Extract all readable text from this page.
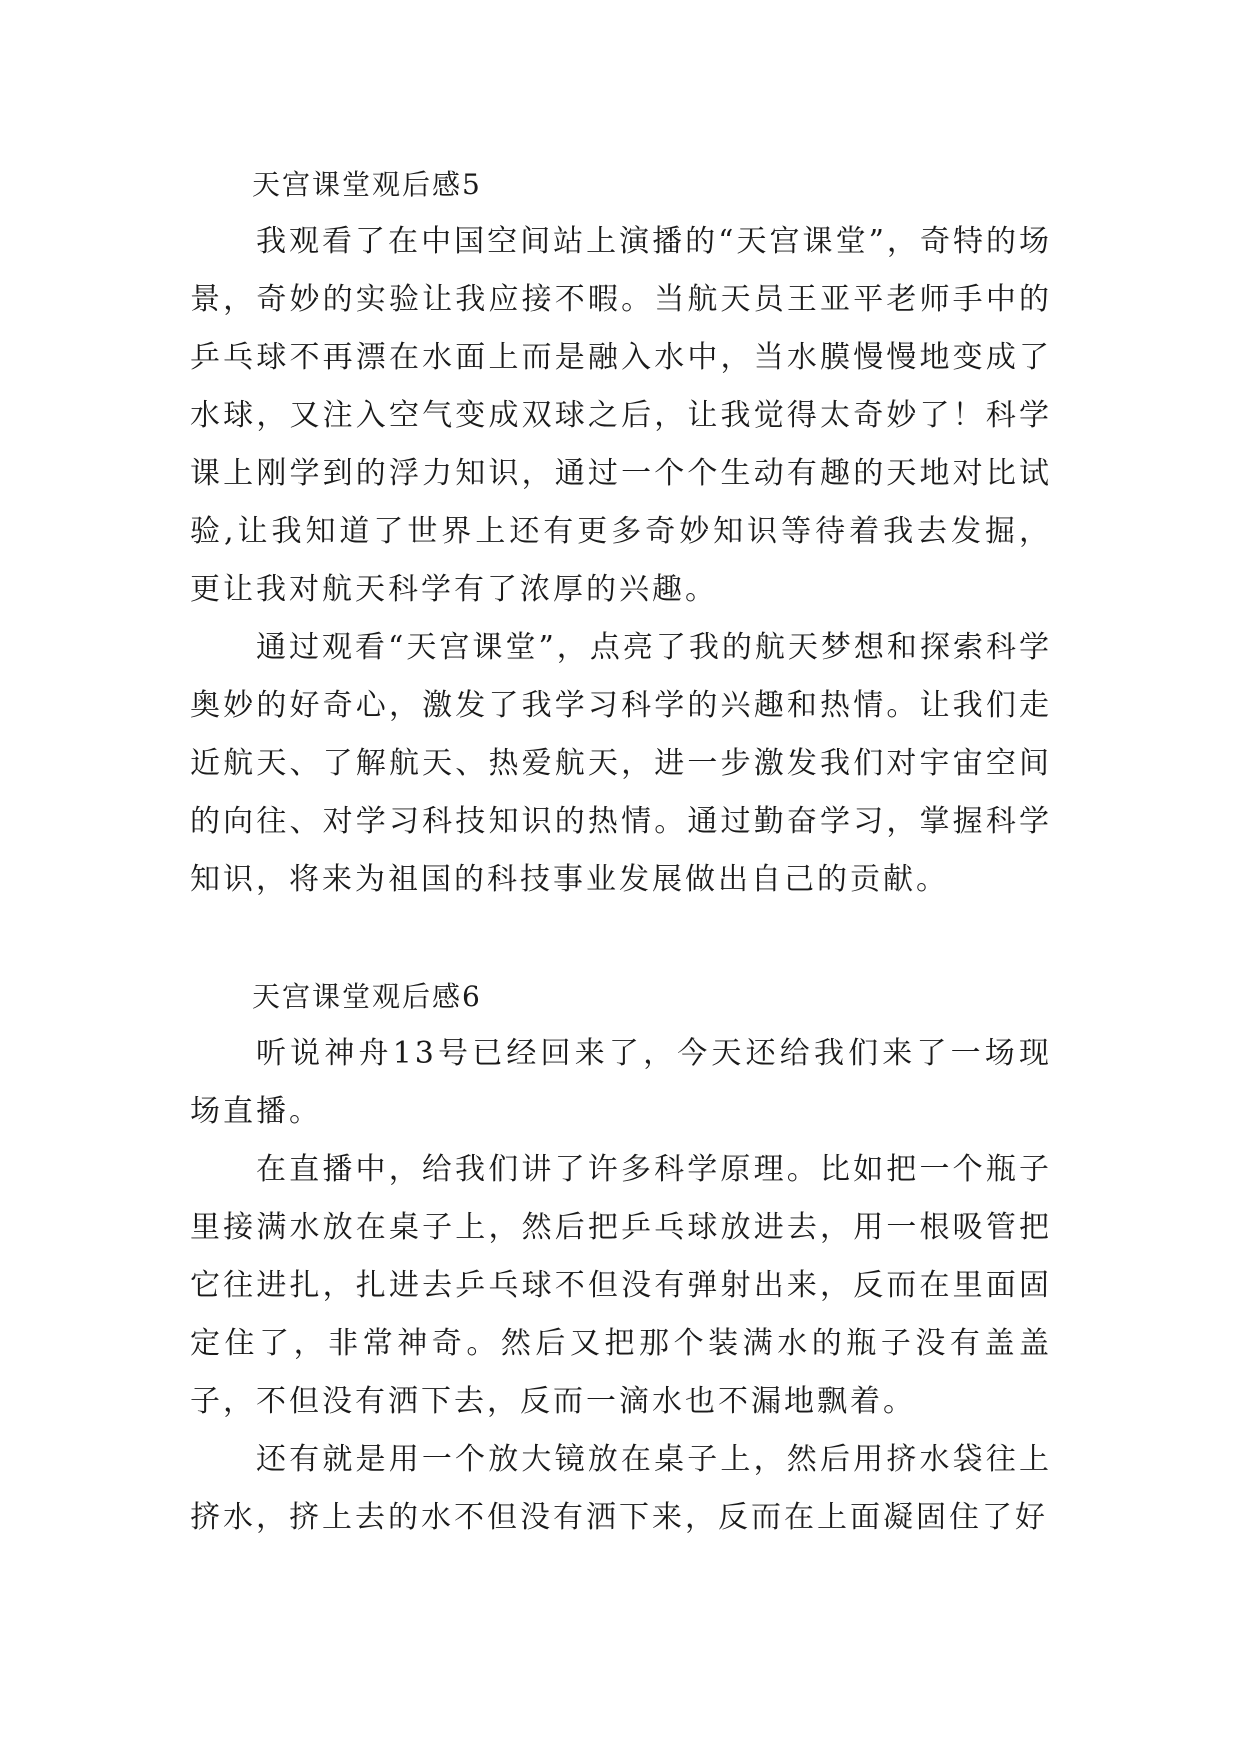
天宫课堂观后感5

我观看了在中国空间站上演播的“天宫课堂”，奇特的场景，奇妙的实验让我应接不暇。当航天员王亚平老师手中的乒乓球不再漂在水面上而是融入水中，当水膜慢慢地变成了水球，又注入空气变成双球之后，让我觉得太奇妙了！科学课上刚学到的浮力知识，通过一个个生动有趣的天地对比试验,让我知道了世界上还有更多奇妙知识等待着我去发掘，更让我对航天科学有了浓厚的兴趣。

通过观看“天宫课堂”，点亮了我的航天梦想和探索科学奥妙的好奇心，激发了我学习科学的兴趣和热情。让我们走近航天、了解航天、热爱航天，进一步激发我们对宇宙空间的向往、对学习科技知识的热情。通过勤奋学习，掌握科学知识，将来为祖国的科技事业发展做出自己的贡献。

天宫课堂观后感6

听说神舟13号已经回来了，今天还给我们来了一场现场直播。

在直播中，给我们讲了许多科学原理。比如把一个瓶子里接满水放在桌子上，然后把乒乓球放进去，用一根吸管把它往进扎，扎进去乒乓球不但没有弹射出来，反而在里面固定住了，非常神奇。然后又把那个装满水的瓶子没有盖盖子，不但没有洒下去，反而一滴水也不漏地飘着。

还有就是用一个放大镜放在桌子上，然后用挤水袋往上挤水，挤上去的水不但没有洒下来，反而在上面凝固住了好
